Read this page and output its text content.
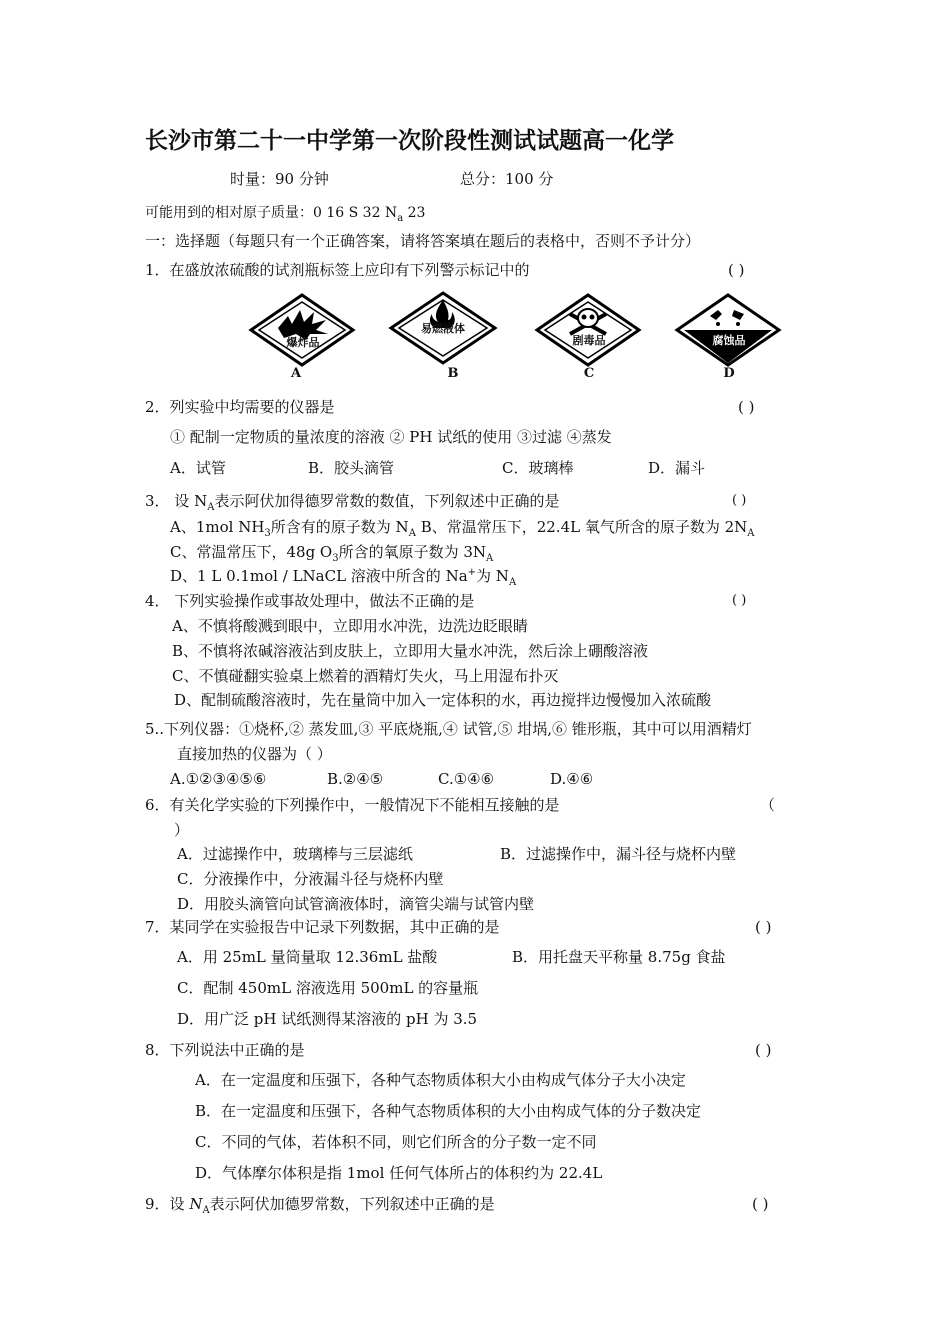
长沙市第二十一中学第一次阶段性测试试题高一化学
时量：90 分钟	总分：100 分
可能用到的相对原子质量：0 16 S 32 $N_a$ 23
一：选择题（每题只有一个正确答案，请将答案填在题后的表格中，否则不予计分）
1．在盛放浓硫酸的试剂瓶标签上应印有下列警示标记中的	( )
爆炸品
A
易燃液体
B
剧毒品
C
腐蚀品
D
2．列实验中均需要的仪器是	( )
① 配制一定物质的量浓度的溶液 ② PH 试纸的使用 ③过滤 ④蒸发
A．试管	B．胶头滴管	C．玻璃棒	D．漏斗
3． 设 $N_A$表示阿伏加得德罗常数的数值，下列叙述中正确的是	( )
A、1mol $NH_3$所含有的原子数为 $N_A$ B、常温常压下，22.4L 氧气所含的原子数为 $2N_A$
C、常温常压下，48g $O_3$所含的氧原子数为 $3N_A$
D、1 L 0.1mol / LNaCL 溶液中所含的 Na+为 $N_A$
4． 下列实验操作或事故处理中，做法不正确的是	( )
A、不慎将酸溅到眼中，立即用水冲洗，边洗边眨眼睛
B、不慎将浓碱溶液沾到皮肤上，立即用大量水冲洗，然后涂上硼酸溶液
C、不慎碰翻实验桌上燃着的酒精灯失火，马上用湿布扑灭
D、配制硫酸溶液时，先在量筒中加入一定体积的水，再边搅拌边慢慢加入浓硫酸
5..下列仪器：①烧杯,② 蒸发皿,③ 平底烧瓶,④ 试管,⑤ 坩埚,⑥ 锥形瓶，其中可以用酒精灯
直接加热的仪器为（ ）
A.①②③④⑤⑥	B.②④⑤	C.①④⑥	D.④⑥
6．有关化学实验的下列操作中，一般情况下不能相互接触的是	（
）
A．过滤操作中，玻璃棒与三层滤纸	B．过滤操作中，漏斗径与烧杯内壁
C．分液操作中，分液漏斗径与烧杯内壁
D．用胶头滴管向试管滴液体时，滴管尖端与试管内壁
7．某同学在实验报告中记录下列数据，其中正确的是	( )
A．用 25mL 量筒量取 12.36mL 盐酸	B．用托盘天平称量 8.75g 食盐
C．配制 450mL 溶液选用 500mL 的容量瓶
D．用广泛 pH 试纸测得某溶液的 pH 为 3.5
8．下列说法中正确的是	( )
A．在一定温度和压强下，各种气态物质体积大小由构成气体分子大小决定
B．在一定温度和压强下，各种气态物质体积的大小由构成气体的分子数决定
C．不同的气体，若体积不同，则它们所含的分子数一定不同
D．气体摩尔体积是指 1mol 任何气体所占的体积约为 22.4L
9．设 $N_A$表示阿伏加德罗常数，下列叙述中正确的是	( )
